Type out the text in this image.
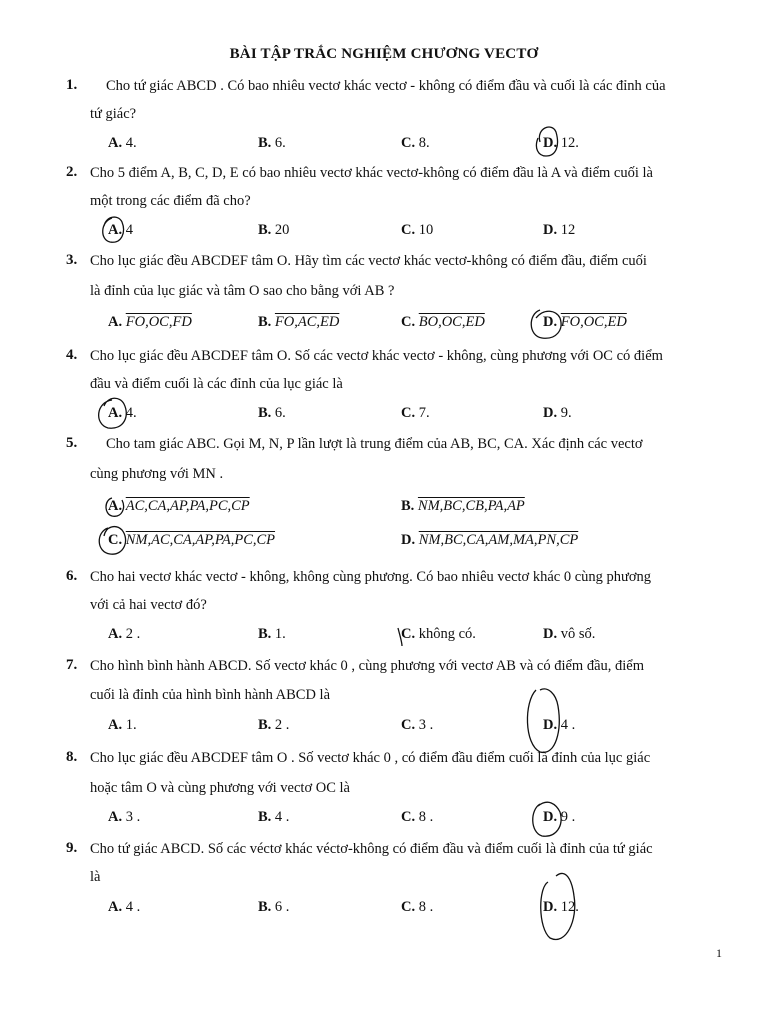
BÀI TẬP TRẮC NGHIỆM CHƯƠNG VECTƠ
1. Cho tứ giác ABCD . Có bao nhiêu vectơ khác vectơ - không có điểm đầu và cuối là các đỉnh của
tứ giác?
A. 4.	B. 6.	C. 8.	D. 12.
2. Cho 5 điểm A, B, C, D, E có bao nhiêu vectơ khác vectơ-không có điểm đầu là A và điểm cuối là
một trong các điểm đã cho?
A. 4	B. 20	C. 10	D. 12
3. Cho lục giác đều ABCDEF tâm O. Hãy tìm các vectơ khác vectơ-không có điểm đầu, điểm cuối
là đỉnh của lục giác và tâm O sao cho bằng với AB ?
A. FO,OC,FD	B. FO,AC,ED	C. BO,OC,ED	D. FO,OC,ED
4. Cho lục giác đều ABCDEF tâm O. Số các vectơ khác vectơ - không, cùng phương với OC có điểm
đầu và điểm cuối là các đỉnh của lục giác là
A. 4.	B. 6.	C. 7.	D. 9.
5. Cho tam giác ABC. Gọi M, N, P lần lượt là trung điểm của AB, BC, CA. Xác định các vectơ
cùng phương với MN .
A. AC,CA,AP,PA,PC,CP	B. NM,BC,CB,PA,AP
C. NM,AC,CA,AP,PA,PC,CP	D. NM,BC,CA,AM,MA,PN,CP
6. Cho hai vectơ khác vectơ - không, không cùng phương. Có bao nhiêu vectơ khác 0 cùng phương
với cả hai vectơ đó?
A. 2 .	B. 1.	C. không có.	D. vô số.
7. Cho hình bình hành ABCD. Số vectơ khác 0 , cùng phương với vectơ AB và có điểm đầu, điểm
cuối là đỉnh của hình bình hành ABCD là
A. 1.	B. 2 .	C. 3 .	D. 4 .
8. Cho lục giác đều ABCDEF tâm O . Số vectơ khác 0 , có điểm đầu điểm cuối là đỉnh của lục giác
hoặc tâm O và cùng phương với vectơ OC là
A. 3 .	B. 4 .	C. 8 .	D. 9 .
9. Cho tứ giác ABCD. Số các véctơ khác véctơ-không có điểm đầu và điểm cuối là đỉnh của tứ giác
là
A. 4 .	B. 6 .	C. 8 .	D. 12.
1
